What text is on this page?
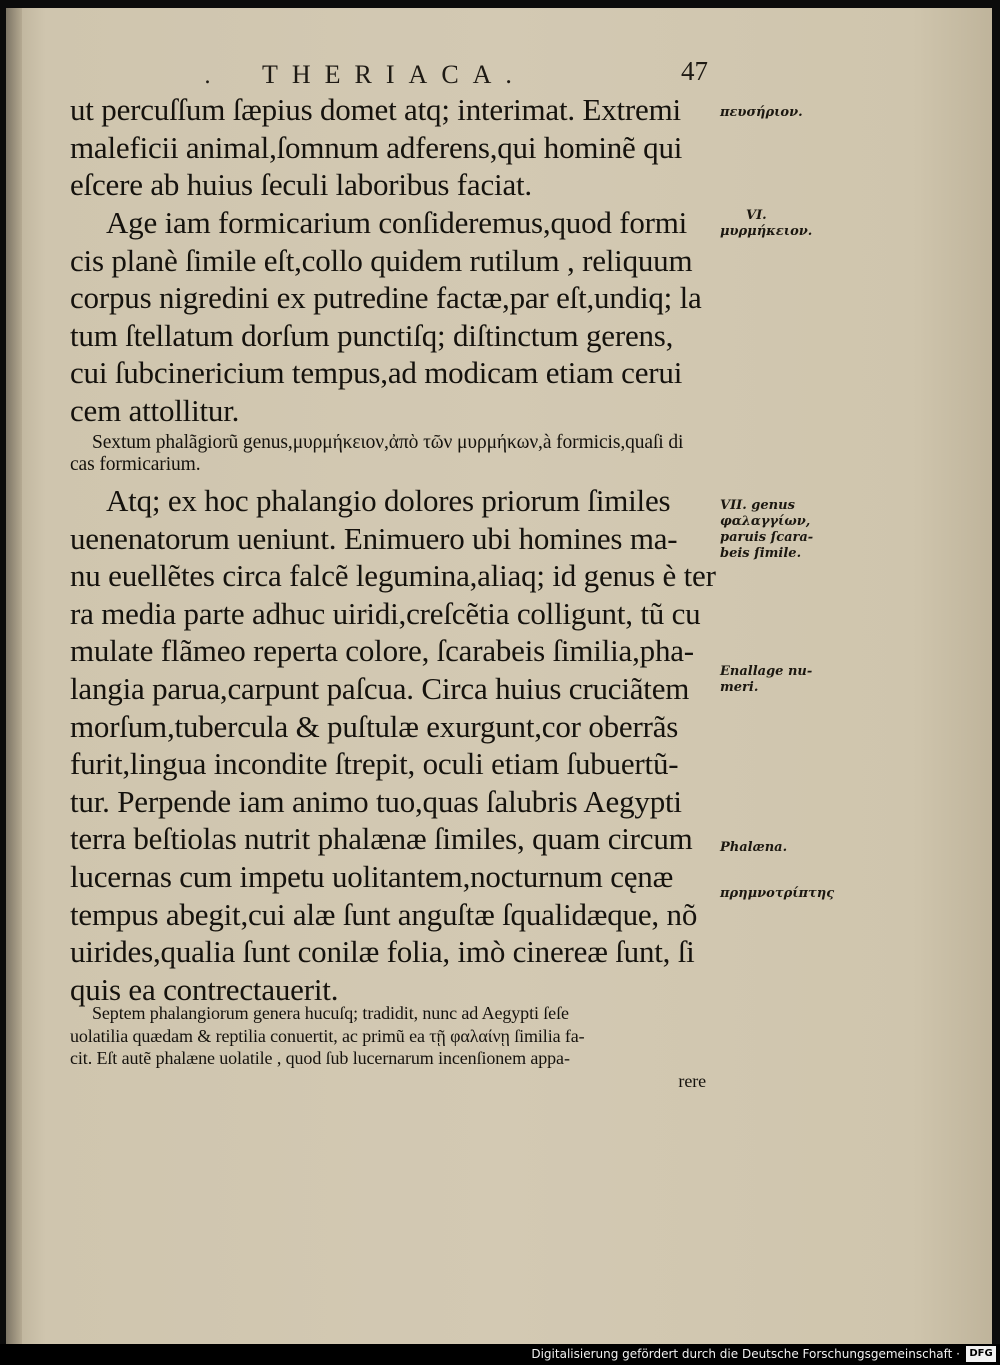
. THERIACA.	47

ut percuſſum ſæpius domet atq; interimat. Extremi

maleficii animal,ſomnum adferens,qui hominẽ qui

eſcere ab huius ſeculi laboribus faciat.

Age iam formicarium conſideremus,quod formi

cis planè ſimile eſt,collo quidem rutilum , reliquum

corpus nigredini ex putredine factæ,par eſt,undiq; la

tum ſtellatum dorſum punctiſq; diſtinctum gerens,

cui ſubcinericium tempus,ad modicam etiam cerui

cem attollitur.

Sextum phalãgiorũ genus,μυρμήκειον,ἀπὸ τῶν μυρμήκων,à formicis,quaſi di

cas formicarium.

Atq; ex hoc phalangio dolores priorum ſimiles

uenenatorum ueniunt. Enimuero ubi homines ma-

nu euellẽtes circa falcẽ legumina,aliaq; id genus è ter

ra media parte adhuc uiridi,creſcẽtia colligunt, tũ cu

mulate flãmeo reperta colore, ſcarabeis ſimilia,pha-

langia parua,carpunt paſcua. Circa huius cruciãtem

morſum,tubercula & puſtulæ exurgunt,cor oberrãs

furit,lingua incondite ſtrepit, oculi etiam ſubuertũ-

tur. Perpende iam animo tuo,quas ſalubris Aegypti

terra beſtiolas nutrit phalænæ ſimiles, quam circum

lucernas cum impetu uolitantem,nocturnum cęnæ

tempus abegit,cui alæ ſunt anguſtæ ſqualidæque, nõ

uirides,qualia ſunt conilæ folia, imò cinereæ ſunt, ſi

quis ea contrectauerit.

Septem phalangiorum genera hucuſq; tradidit, nunc ad Aegypti ſeſe

uolatilia quædam & reptilia conuertit, ac primũ ea τῇ φαλαίνῃ ſimilia fa-

cit. Eſt autẽ phalæne uolatile , quod ſub lucernarum incenſionem appa-

rere

πευσήριον.
VI.
μυρμήκειον.
VII. genus
φαλαγγίων,
paruis ſcara-
beis ſimile.
Enallage nu-
meri.
Phalæna.
πρημνοτρίπτης
Digitalisierung gefördert durch die Deutsche Forschungsgemeinschaft · DFG
